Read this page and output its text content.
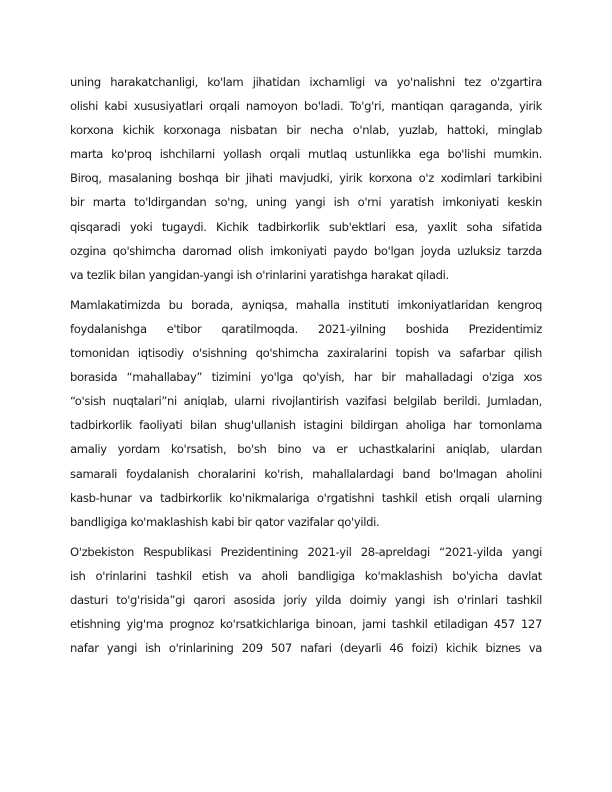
uning harakatchanligi, ko'lam jihatidan ixchamligi va yo'nalishni tez o'zgartira
olishi kabi xususiyatlari orqali namoyon bo'ladi. To'g'ri, mantiqan qaraganda, yirik
korxona kichik korxonaga nisbatan bir necha o'nlab, yuzlab, hattoki, minglab
marta ko'proq ishchilarni yollash orqali mutlaq ustunlikka ega bo'lishi mumkin.
Biroq, masalaning boshqa bir jihati mavjudki, yirik korxona o'z xodimlari tarkibini
bir marta to'ldirgandan so'ng, uning yangi ish o'rni yaratish imkoniyati keskin
qisqaradi yoki tugaydi. Kichik tadbirkorlik sub'ektlari esa, yaxlit soha sifatida
ozgina qo'shimcha daromad olish imkoniyati paydo bo'lgan joyda uzluksiz tarzda
va tezlik bilan yangidan-yangi ish o'rinlarini yaratishga harakat qiladi.
Mamlakatimizda bu borada, ayniqsa, mahalla instituti imkoniyatlaridan kengroq
foydalanishga e'tibor qaratilmoqda. 2021-yilning boshida Prezidentimiz
tomonidan iqtisodiy o'sishning qo'shimcha zaxiralarini topish va safarbar qilish
borasida “mahallabay” tizimini yo'lga qo'yish, har bir mahalladagi o'ziga xos
“o'sish nuqtalari”ni aniqlab, ularni rivojlantirish vazifasi belgilab berildi. Jumladan,
tadbirkorlik faoliyati bilan shug'ullanish istagini bildirgan aholiga har tomonlama
amaliy yordam ko'rsatish, bo'sh bino va er uchastkalarini aniqlab, ulardan
samarali foydalanish choralarini ko'rish, mahallalardagi band bo'lmagan aholini
kasb-hunar va tadbirkorlik ko'nikmalariga o'rgatishni tashkil etish orqali ularning
bandligiga ko'maklashish kabi bir qator vazifalar qo'yildi.
O'zbekiston Respublikasi Prezidentining 2021-yil 28-apreldagi “2021-yilda yangi
ish o'rinlarini tashkil etish va aholi bandligiga ko'maklashish bo'yicha davlat
dasturi to'g'risida”gi qarori asosida joriy yilda doimiy yangi ish o'rinlari tashkil
etishning yig'ma prognoz ko'rsatkichlariga binoan, jami tashkil etiladigan 457 127
nafar yangi ish o'rinlarining 209 507 nafari (deyarli 46 foizi) kichik biznes va
